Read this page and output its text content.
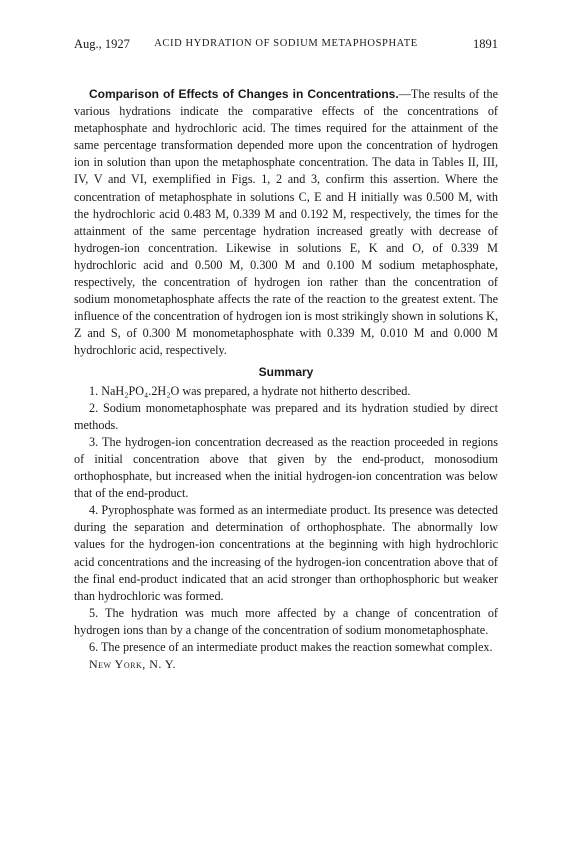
Aug., 1927	ACID HYDRATION OF SODIUM METAPHOSPHATE	1891

Comparison of Effects of Changes in Concentrations.—The results of the various hydrations indicate the comparative effects of the concentrations of metaphosphate and hydrochloric acid. The times required for the attainment of the same percentage transformation depended more upon the concentration of hydrogen ion in solution than upon the metaphosphate concentration. The data in Tables II, III, IV, V and VI, exemplified in Figs. 1, 2 and 3, confirm this assertion. Where the concentration of metaphosphate in solutions C, E and H initially was 0.500 M, with the hydrochloric acid 0.483 M, 0.339 M and 0.192 M, respectively, the times for the attainment of the same percentage hydration increased greatly with decrease of hydrogen-ion concentration. Likewise in solutions E, K and O, of 0.339 M hydrochloric acid and 0.500 M, 0.300 M and 0.100 M sodium metaphosphate, respectively, the concentration of hydrogen ion rather than the concentration of sodium monometaphosphate affects the rate of the reaction to the greatest extent. The influence of the concentration of hydrogen ion is most strikingly shown in solutions K, Z and S, of 0.300 M monometaphosphate with 0.339 M, 0.010 M and 0.000 M hydrochloric acid, respectively.

Summary

1. NaH₂PO₄.2H₂O was prepared, a hydrate not hitherto described.

2. Sodium monometaphosphate was prepared and its hydration studied by direct methods.

3. The hydrogen-ion concentration decreased as the reaction proceeded in regions of initial concentration above that given by the end-product, monosodium orthophosphate, but increased when the initial hydrogen-ion concentration was below that of the end-product.

4. Pyrophosphate was formed as an intermediate product. Its presence was detected during the separation and determination of orthophosphate. The abnormally low values for the hydrogen-ion concentrations at the beginning with high hydrochloric acid concentrations and the increasing of the hydrogen-ion concentration above that of the final end-product indicated that an acid stronger than orthophosphoric but weaker than hydrochloric was formed.

5. The hydration was much more affected by a change of concentration of hydrogen ions than by a change of the concentration of sodium monometaphosphate.

6. The presence of an intermediate product makes the reaction somewhat complex.

New York, N. Y.
